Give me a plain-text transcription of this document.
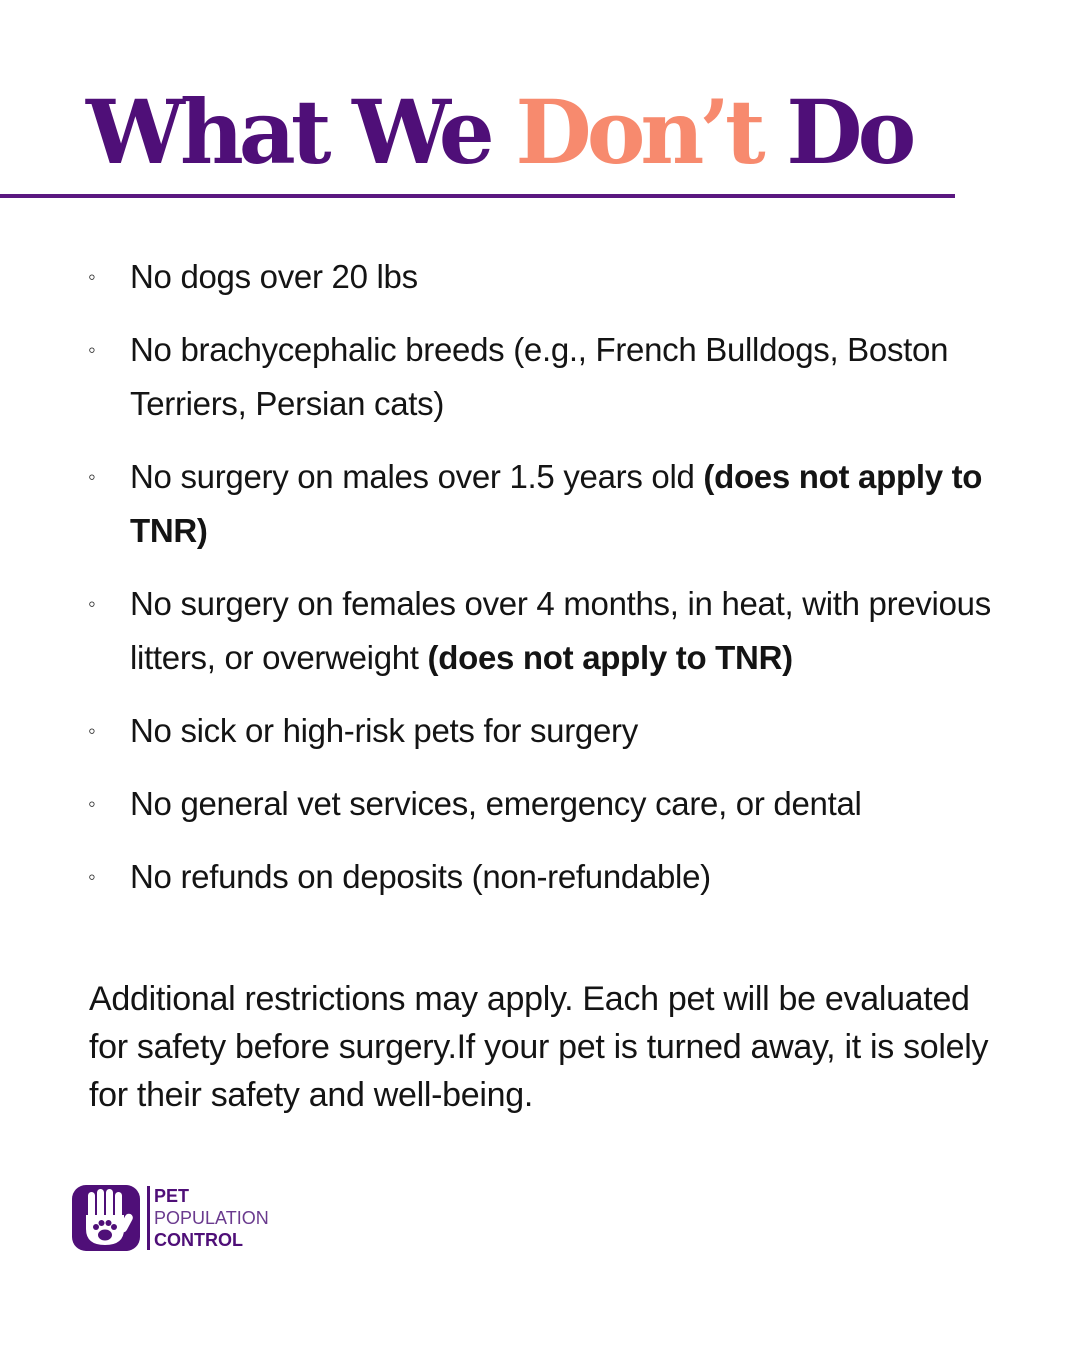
What We Don’t Do
◦	No dogs over 20 lbs
◦	No brachycephalic breeds (e.g., French Bulldogs, Boston Terriers, Persian cats)
◦	No surgery on males over 1.5 years old (does not apply to TNR)
◦	No surgery on females over 4 months, in heat, with previous litters, or overweight (does not apply to TNR)
◦	No sick or high-risk pets for surgery
◦	No general vet services, emergency care, or dental
◦	No refunds on deposits (non-refundable)

Additional restrictions may apply. Each pet will be evaluated for safety before surgery.If your pet is turned away, it is solely for their safety and well-being.

PET
POPULATION
CONTROL
